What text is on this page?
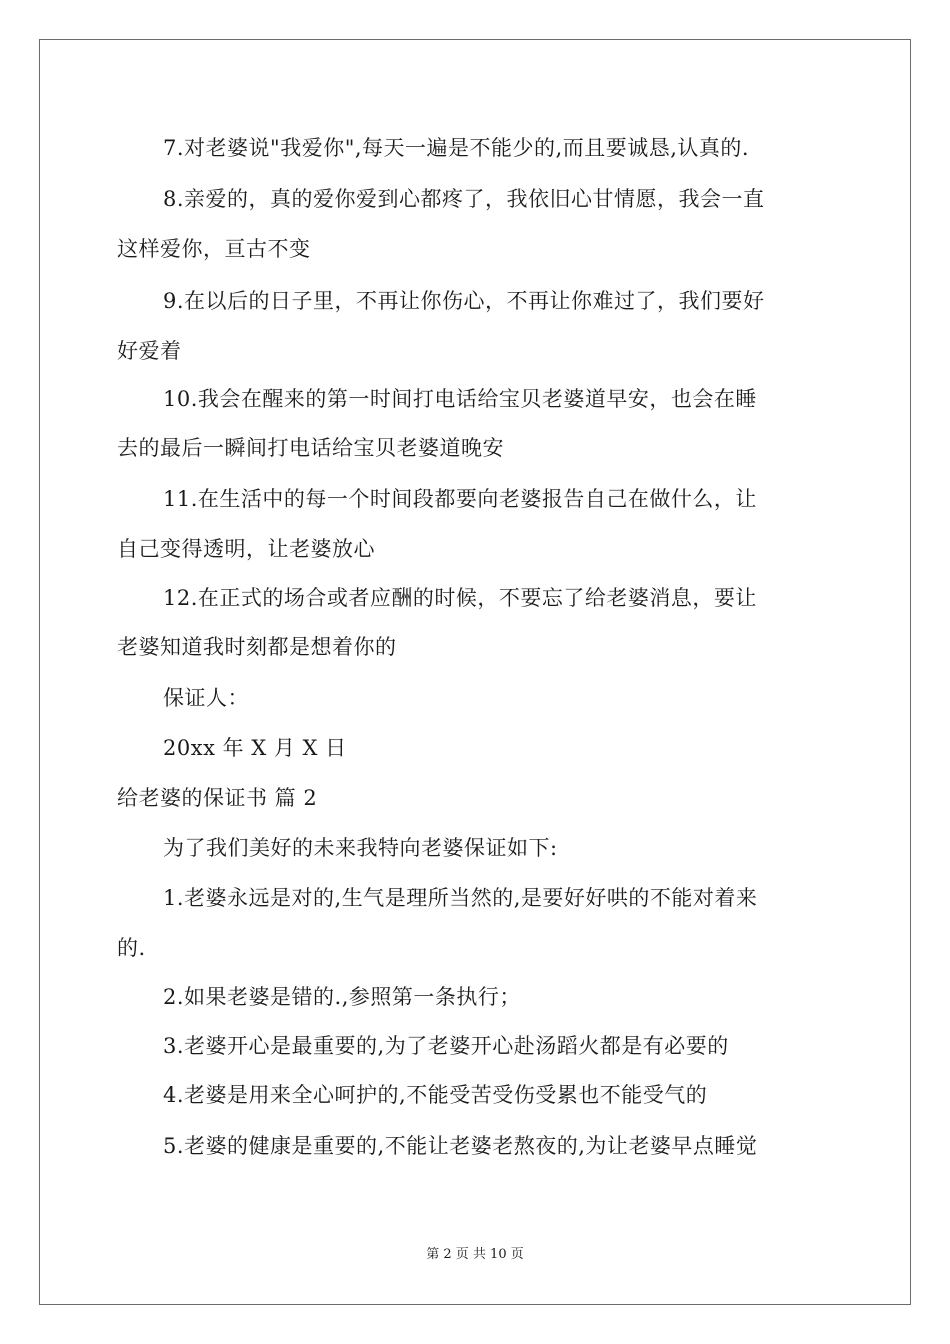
7.对老婆说"我爱你",每天一遍是不能少的,而且要诚恳,认真的.
8.亲爱的，真的爱你爱到心都疼了，我依旧心甘情愿，我会一直
这样爱你，亘古不变
9.在以后的日子里，不再让你伤心，不再让你难过了，我们要好
好爱着
10.我会在醒来的第一时间打电话给宝贝老婆道早安，也会在睡
去的最后一瞬间打电话给宝贝老婆道晚安
11.在生活中的每一个时间段都要向老婆报告自己在做什么，让
自己变得透明，让老婆放心
12.在正式的场合或者应酬的时候，不要忘了给老婆消息，要让
老婆知道我时刻都是想着你的
保证人：
20xx 年 X 月 X 日
给老婆的保证书 篇 2
为了我们美好的未来我特向老婆保证如下:
1.老婆永远是对的,生气是理所当然的,是要好好哄的不能对着来
的.
2.如果老婆是错的.,参照第一条执行；
3.老婆开心是最重要的,为了老婆开心赴汤蹈火都是有必要的
4.老婆是用来全心呵护的,不能受苦受伤受累也不能受气的
5.老婆的健康是重要的,不能让老婆老熬夜的,为让老婆早点睡觉
第 2 页 共 10 页
